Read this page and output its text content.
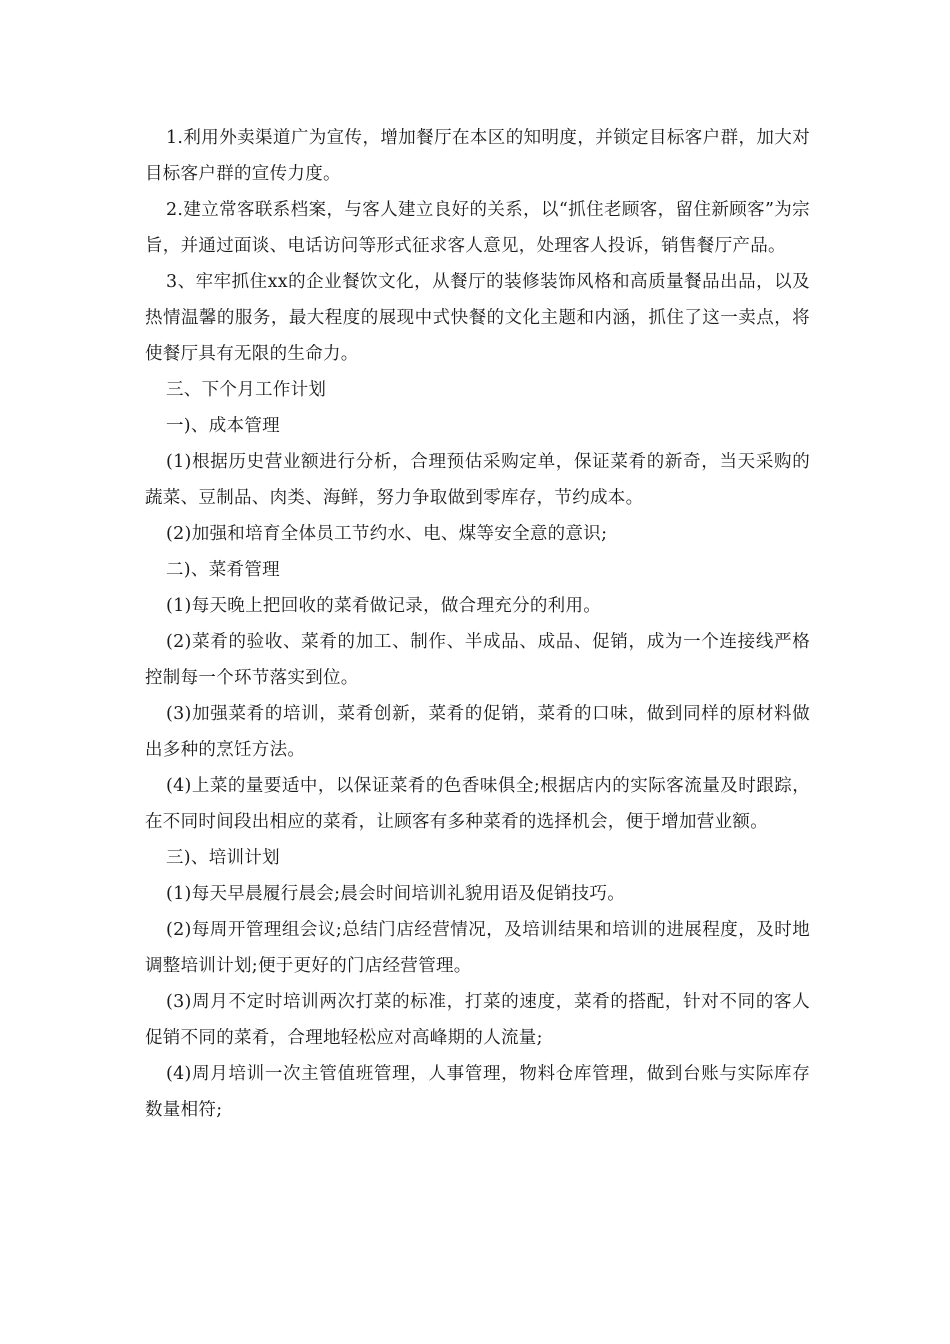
1.利用外卖渠道广为宣传，增加餐厅在本区的知明度，并锁定目标客户群，加大对目标客户群的宣传力度。

2.建立常客联系档案，与客人建立良好的关系，以“抓住老顾客，留住新顾客”为宗旨，并通过面谈、电话访问等形式征求客人意见，处理客人投诉，销售餐厅产品。

3、牢牢抓住xx的企业餐饮文化，从餐厅的装修装饰风格和高质量餐品出品，以及热情温馨的服务，最大程度的展现中式快餐的文化主题和内涵，抓住了这一卖点，将使餐厅具有无限的生命力。

三、下个月工作计划

一)、成本管理

(1)根据历史营业额进行分析，合理预估采购定单，保证菜肴的新奇，当天采购的蔬菜、豆制品、肉类、海鲜，努力争取做到零库存，节约成本。

(2)加强和培育全体员工节约水、电、煤等安全意的意识;

二)、菜肴管理

(1)每天晚上把回收的菜肴做记录，做合理充分的利用。

(2)菜肴的验收、菜肴的加工、制作、半成品、成品、促销，成为一个连接线严格控制每一个环节落实到位。

(3)加强菜肴的培训，菜肴创新，菜肴的促销，菜肴的口味，做到同样的原材料做出多种的烹饪方法。

(4)上菜的量要适中，以保证菜肴的色香味俱全;根据店内的实际客流量及时跟踪，在不同时间段出相应的菜肴，让顾客有多种菜肴的选择机会，便于增加营业额。

三)、培训计划

(1)每天早晨履行晨会;晨会时间培训礼貌用语及促销技巧。

(2)每周开管理组会议;总结门店经营情况，及培训结果和培训的进展程度，及时地调整培训计划;便于更好的门店经营管理。

(3)周月不定时培训两次打菜的标准，打菜的速度，菜肴的搭配，针对不同的客人促销不同的菜肴，合理地轻松应对高峰期的人流量;

(4)周月培训一次主管值班管理，人事管理，物料仓库管理，做到台账与实际库存数量相符;
